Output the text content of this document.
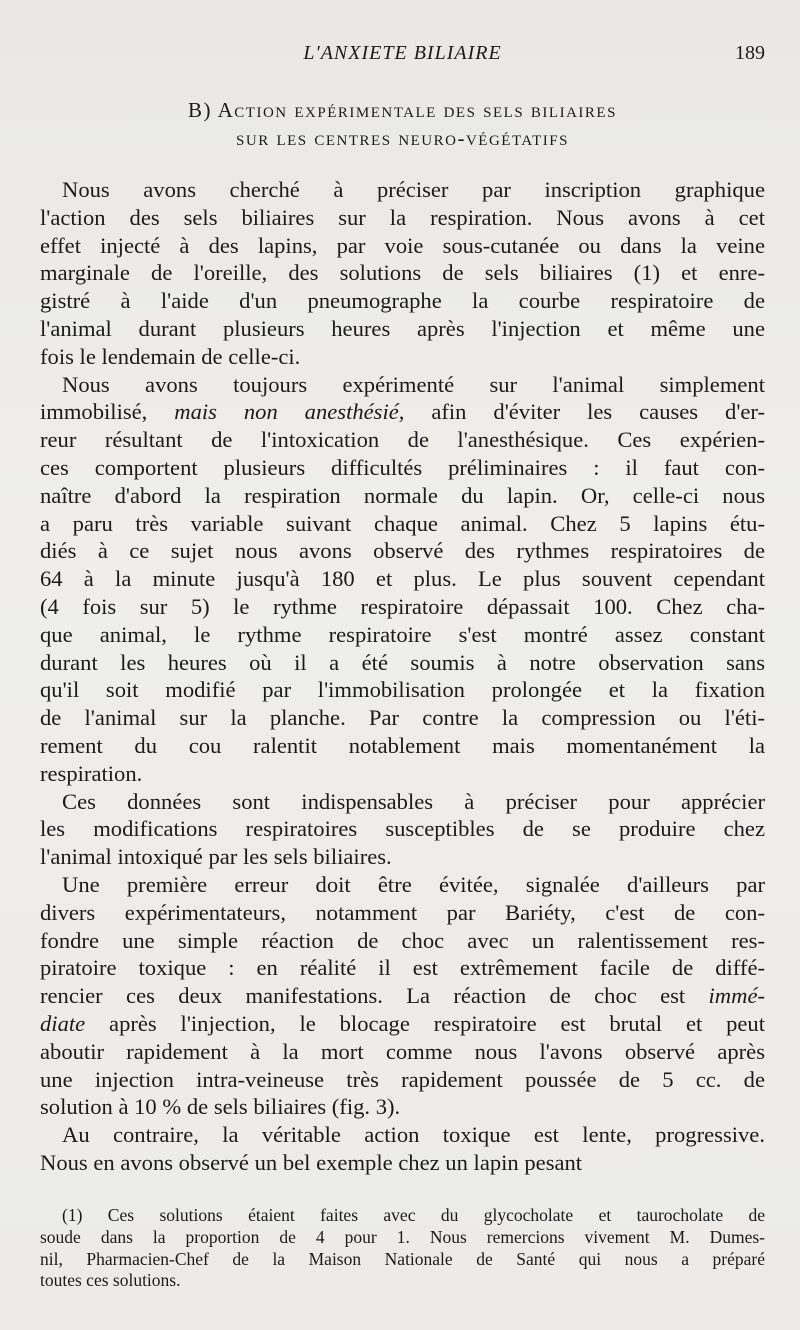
L'ANXIETE BILIAIRE	189
B) Action expérimentale des sels biliaires
sur les centres neuro-végétatifs
Nous avons cherché à préciser par inscription graphique
l'action des sels biliaires sur la respiration. Nous avons à cet
effet injecté à des lapins, par voie sous-cutanée ou dans la veine
marginale de l'oreille, des solutions de sels biliaires (1) et enre-
gistré à l'aide d'un pneumographe la courbe respiratoire de
l'animal durant plusieurs heures après l'injection et même une
fois le lendemain de celle-ci.
Nous avons toujours expérimenté sur l'animal simplement
immobilisé, mais non anesthésié, afin d'éviter les causes d'er-
reur résultant de l'intoxication de l'anesthésique. Ces expérien-
ces comportent plusieurs difficultés préliminaires : il faut con-
naître d'abord la respiration normale du lapin. Or, celle-ci nous
a paru très variable suivant chaque animal. Chez 5 lapins étu-
diés à ce sujet nous avons observé des rythmes respiratoires de
64 à la minute jusqu'à 180 et plus. Le plus souvent cependant
(4 fois sur 5) le rythme respiratoire dépassait 100. Chez cha-
que animal, le rythme respiratoire s'est montré assez constant
durant les heures où il a été soumis à notre observation sans
qu'il soit modifié par l'immobilisation prolongée et la fixation
de l'animal sur la planche. Par contre la compression ou l'éti-
rement du cou ralentit notablement mais momentanément la
respiration.
Ces données sont indispensables à préciser pour apprécier
les modifications respiratoires susceptibles de se produire chez
l'animal intoxiqué par les sels biliaires.
Une première erreur doit être évitée, signalée d'ailleurs par
divers expérimentateurs, notamment par Bariéty, c'est de con-
fondre une simple réaction de choc avec un ralentissement res-
piratoire toxique : en réalité il est extrêmement facile de diffé-
rencier ces deux manifestations. La réaction de choc est immé-
diate après l'injection, le blocage respiratoire est brutal et peut
aboutir rapidement à la mort comme nous l'avons observé après
une injection intra-veineuse très rapidement poussée de 5 cc. de
solution à 10 % de sels biliaires (fig. 3).
Au contraire, la véritable action toxique est lente, progressive.
Nous en avons observé un bel exemple chez un lapin pesant
(1) Ces solutions étaient faites avec du glycocholate et taurocholate de
soude dans la proportion de 4 pour 1. Nous remercions vivement M. Dumes-
nil, Pharmacien-Chef de la Maison Nationale de Santé qui nous a préparé
toutes ces solutions.
